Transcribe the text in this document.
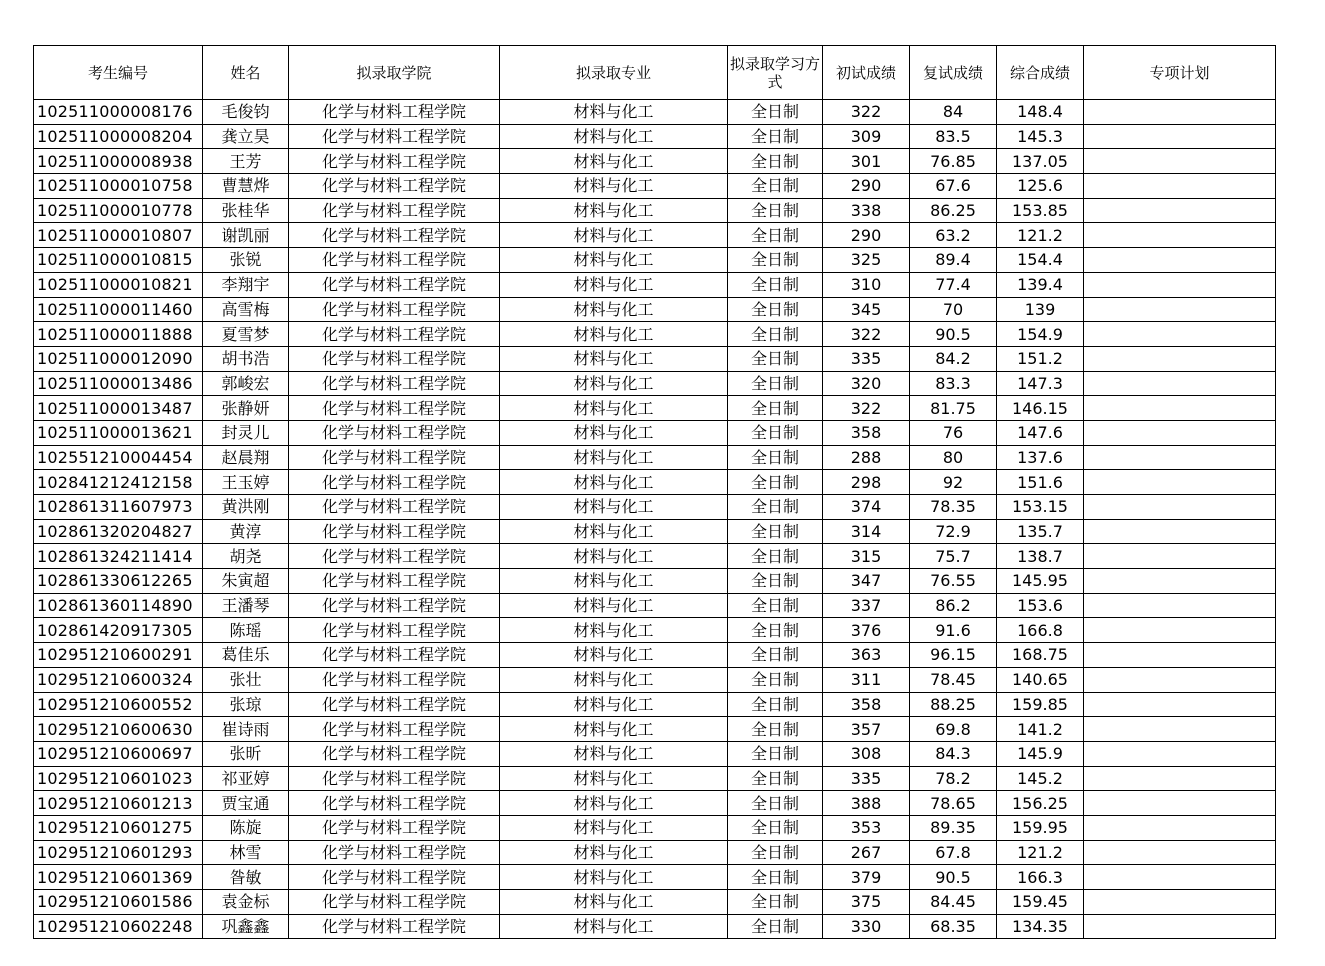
考生编号	姓名	拟录取学院	拟录取专业	拟录取学习方式	初试成绩	复试成绩	综合成绩	专项计划
102511000008176	毛俊钧	化学与材料工程学院	材料与化工	全日制	322	84	148.4	
102511000008204	龚立昊	化学与材料工程学院	材料与化工	全日制	309	83.5	145.3	
102511000008938	王芳	化学与材料工程学院	材料与化工	全日制	301	76.85	137.05	
102511000010758	曹慧烨	化学与材料工程学院	材料与化工	全日制	290	67.6	125.6	
102511000010778	张桂华	化学与材料工程学院	材料与化工	全日制	338	86.25	153.85	
102511000010807	谢凯丽	化学与材料工程学院	材料与化工	全日制	290	63.2	121.2	
102511000010815	张锐	化学与材料工程学院	材料与化工	全日制	325	89.4	154.4	
102511000010821	李翔宇	化学与材料工程学院	材料与化工	全日制	310	77.4	139.4	
102511000011460	高雪梅	化学与材料工程学院	材料与化工	全日制	345	70	139	
102511000011888	夏雪梦	化学与材料工程学院	材料与化工	全日制	322	90.5	154.9	
102511000012090	胡书浩	化学与材料工程学院	材料与化工	全日制	335	84.2	151.2	
102511000013486	郭峻宏	化学与材料工程学院	材料与化工	全日制	320	83.3	147.3	
102511000013487	张静妍	化学与材料工程学院	材料与化工	全日制	322	81.75	146.15	
102511000013621	封灵儿	化学与材料工程学院	材料与化工	全日制	358	76	147.6	
102551210004454	赵晨翔	化学与材料工程学院	材料与化工	全日制	288	80	137.6	
102841212412158	王玉婷	化学与材料工程学院	材料与化工	全日制	298	92	151.6	
102861311607973	黄洪刚	化学与材料工程学院	材料与化工	全日制	374	78.35	153.15	
102861320204827	黄淳	化学与材料工程学院	材料与化工	全日制	314	72.9	135.7	
102861324211414	胡尧	化学与材料工程学院	材料与化工	全日制	315	75.7	138.7	
102861330612265	朱寅超	化学与材料工程学院	材料与化工	全日制	347	76.55	145.95	
102861360114890	王潘琴	化学与材料工程学院	材料与化工	全日制	337	86.2	153.6	
102861420917305	陈瑶	化学与材料工程学院	材料与化工	全日制	376	91.6	166.8	
102951210600291	葛佳乐	化学与材料工程学院	材料与化工	全日制	363	96.15	168.75	
102951210600324	张壮	化学与材料工程学院	材料与化工	全日制	311	78.45	140.65	
102951210600552	张琼	化学与材料工程学院	材料与化工	全日制	358	88.25	159.85	
102951210600630	崔诗雨	化学与材料工程学院	材料与化工	全日制	357	69.8	141.2	
102951210600697	张昕	化学与材料工程学院	材料与化工	全日制	308	84.3	145.9	
102951210601023	祁亚婷	化学与材料工程学院	材料与化工	全日制	335	78.2	145.2	
102951210601213	贾宝通	化学与材料工程学院	材料与化工	全日制	388	78.65	156.25	
102951210601275	陈旋	化学与材料工程学院	材料与化工	全日制	353	89.35	159.95	
102951210601293	林雪	化学与材料工程学院	材料与化工	全日制	267	67.8	121.2	
102951210601369	昝敏	化学与材料工程学院	材料与化工	全日制	379	90.5	166.3	
102951210601586	袁金标	化学与材料工程学院	材料与化工	全日制	375	84.45	159.45	
102951210602248	巩鑫鑫	化学与材料工程学院	材料与化工	全日制	330	68.35	134.35	
